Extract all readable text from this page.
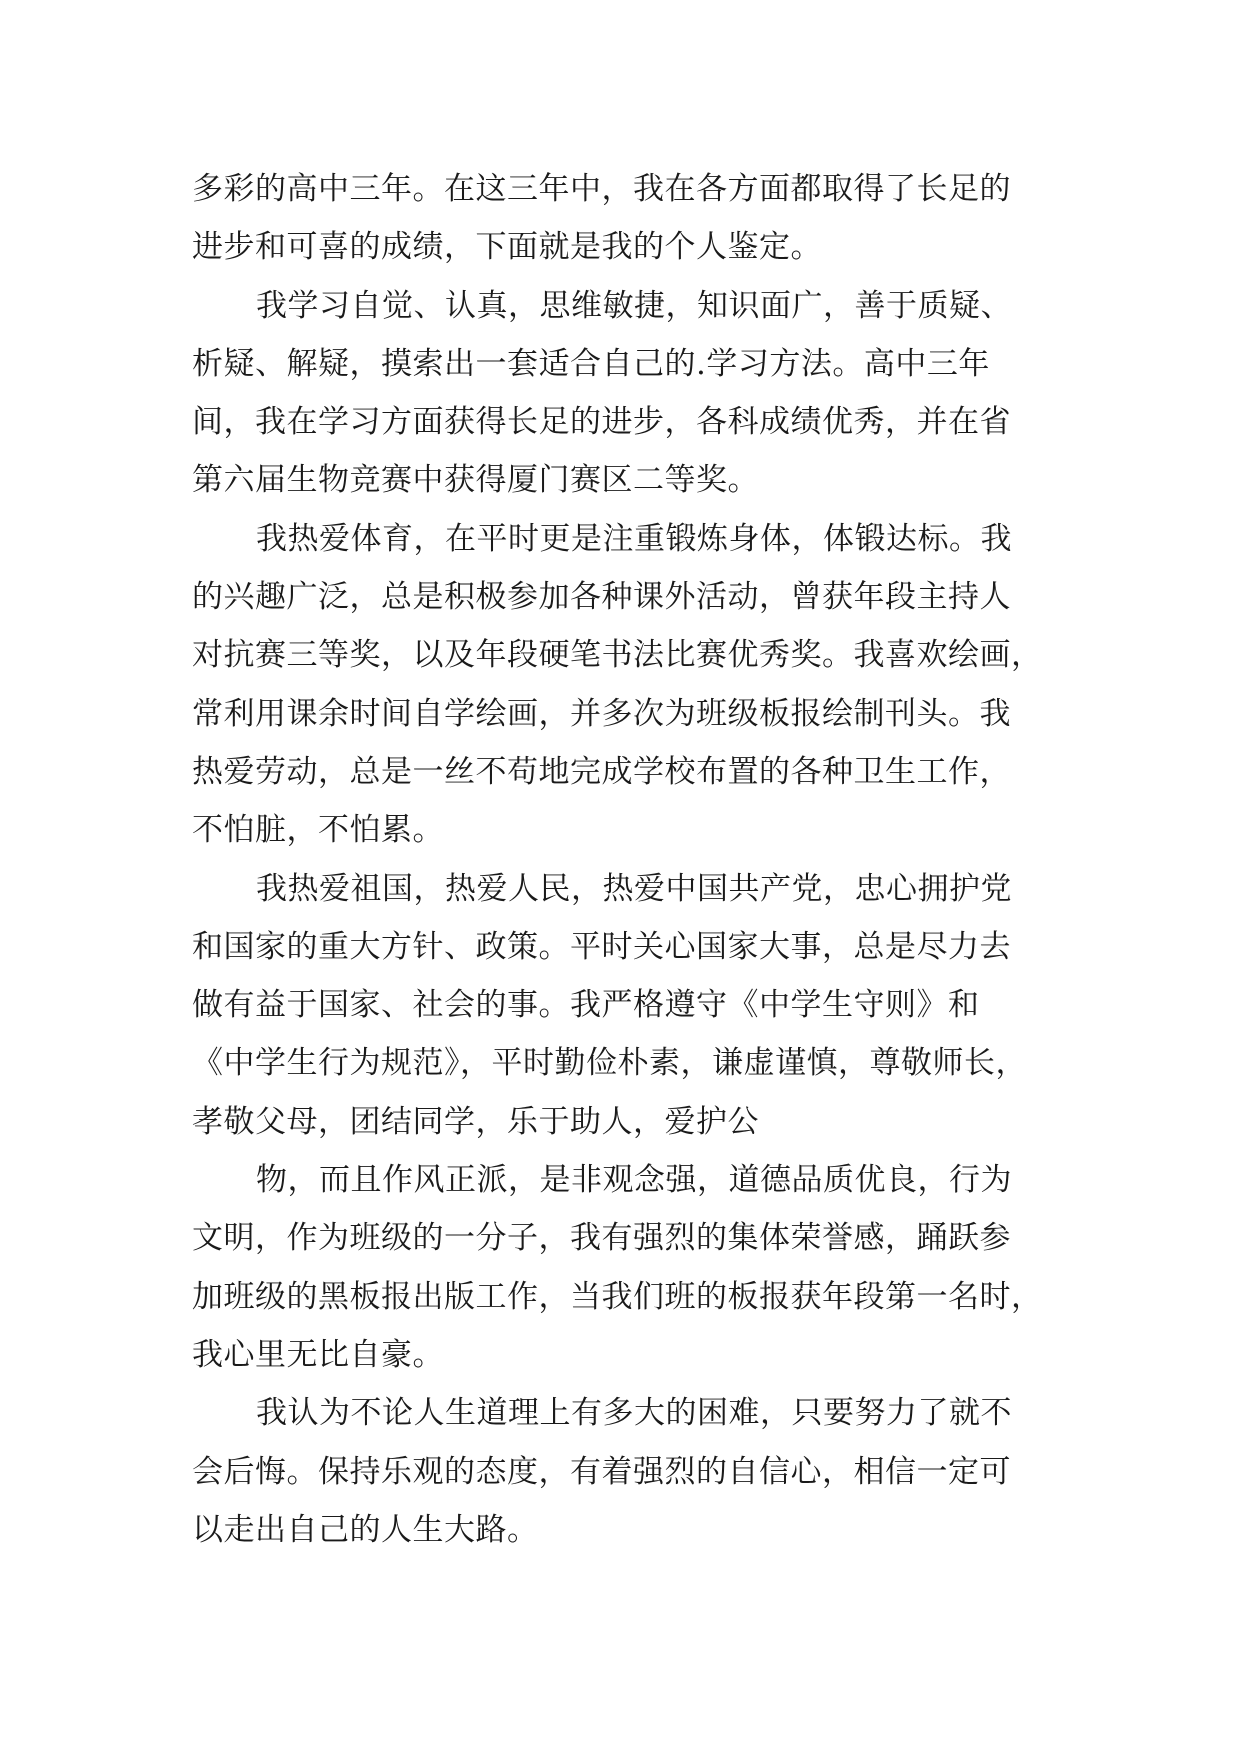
多彩的高中三年。在这三年中，我在各方面都取得了长足的
进步和可喜的成绩，下面就是我的个人鉴定。
我学习自觉、认真，思维敏捷，知识面广，善于质疑、
析疑、解疑，摸索出一套适合自己的.学习方法。高中三年
间，我在学习方面获得长足的进步，各科成绩优秀，并在省
第六届生物竞赛中获得厦门赛区二等奖。
我热爱体育，在平时更是注重锻炼身体，体锻达标。我
的兴趣广泛，总是积极参加各种课外活动，曾获年段主持人
对抗赛三等奖，以及年段硬笔书法比赛优秀奖。我喜欢绘画，
常利用课余时间自学绘画，并多次为班级板报绘制刊头。我
热爱劳动，总是一丝不苟地完成学校布置的各种卫生工作，
不怕脏，不怕累。
我热爱祖国，热爱人民，热爱中国共产党，忠心拥护党
和国家的重大方针、政策。平时关心国家大事，总是尽力去
做有益于国家、社会的事。我严格遵守《中学生守则》和
《中学生行为规范》，平时勤俭朴素，谦虚谨慎，尊敬师长，
孝敬父母，团结同学，乐于助人，爱护公
物，而且作风正派，是非观念强，道德品质优良，行为
文明，作为班级的一分子，我有强烈的集体荣誉感，踊跃参
加班级的黑板报出版工作，当我们班的板报获年段第一名时，
我心里无比自豪。
我认为不论人生道理上有多大的困难，只要努力了就不
会后悔。保持乐观的态度，有着强烈的自信心，相信一定可
以走出自己的人生大路。
